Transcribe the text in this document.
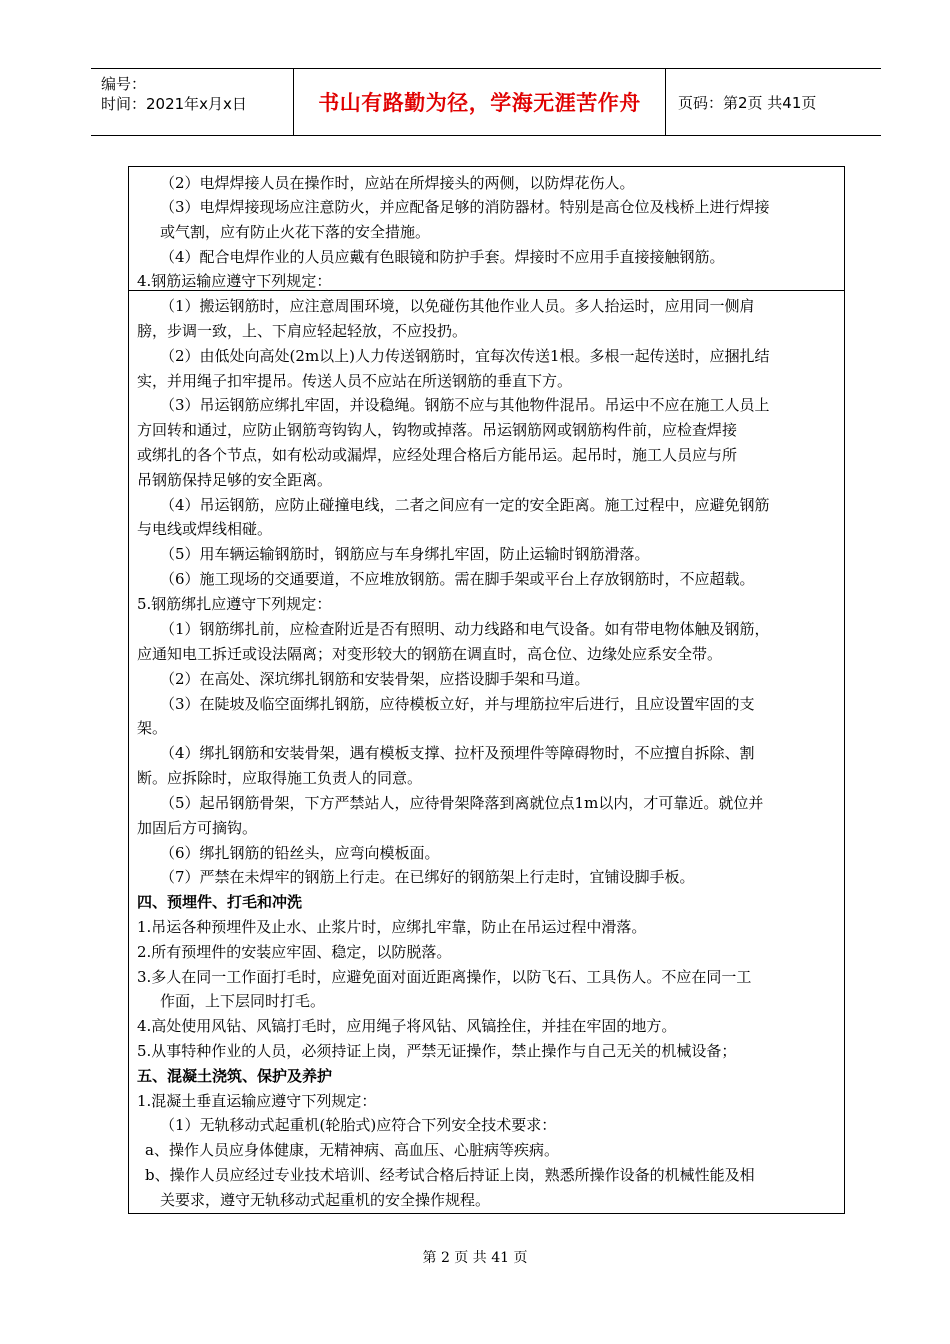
编号：
时间：2021年x月x日	书山有路勤为径，学海无涯苦作舟 页码：第2页 共41页
（2）电焊焊接人员在操作时，应站在所焊接头的两侧，以防焊花伤人。
（3）电焊焊接现场应注意防火，并应配备足够的消防器材。特别是高仓位及栈桥上进行焊接
或气割，应有防止火花下落的安全措施。
（4）配合电焊作业的人员应戴有色眼镜和防护手套。焊接时不应用手直接接触钢筋。
4.钢筋运输应遵守下列规定：
（1）搬运钢筋时，应注意周围环境，以免碰伤其他作业人员。多人抬运时，应用同一侧肩
膀，步调一致，上、下肩应轻起轻放，不应投扔。
（2）由低处向高处(2m以上)人力传送钢筋时，宜每次传送1根。多根一起传送时，应捆扎结
实，并用绳子扣牢提吊。传送人员不应站在所送钢筋的垂直下方。
（3）吊运钢筋应绑扎牢固，并设稳绳。钢筋不应与其他物件混吊。吊运中不应在施工人员上
方回转和通过，应防止钢筋弯钩钩人，钩物或掉落。吊运钢筋网或钢筋构件前，应检查焊接
或绑扎的各个节点，如有松动或漏焊，应经处理合格后方能吊运。起吊时，施工人员应与所
吊钢筋保持足够的安全距离。
（4）吊运钢筋，应防止碰撞电线，二者之间应有一定的安全距离。施工过程中，应避免钢筋
与电线或焊线相碰。
（5）用车辆运输钢筋时，钢筋应与车身绑扎牢固，防止运输时钢筋滑落。
（6）施工现场的交通要道，不应堆放钢筋。需在脚手架或平台上存放钢筋时，不应超载。
5.钢筋绑扎应遵守下列规定：
（1）钢筋绑扎前，应检查附近是否有照明、动力线路和电气设备。如有带电物体触及钢筋，
应通知电工拆迁或设法隔离；对变形较大的钢筋在调直时，高仓位、边缘处应系安全带。
（2）在高处、深坑绑扎钢筋和安装骨架，应搭设脚手架和马道。
（3）在陡坡及临空面绑扎钢筋，应待模板立好，并与埋筋拉牢后进行，且应设置牢固的支
架。
（4）绑扎钢筋和安装骨架，遇有模板支撑、拉杆及预埋件等障碍物时，不应擅自拆除、割
断。应拆除时，应取得施工负责人的同意。
（5）起吊钢筋骨架，下方严禁站人，应待骨架降落到离就位点1m以内，才可靠近。就位并
加固后方可摘钩。
（6）绑扎钢筋的铅丝头，应弯向模板面。
（7）严禁在未焊牢的钢筋上行走。在已绑好的钢筋架上行走时，宜铺设脚手板。
四、预埋件、打毛和冲洗
1.吊运各种预埋件及止水、止浆片时，应绑扎牢靠，防止在吊运过程中滑落。
2.所有预埋件的安装应牢固、稳定，以防脱落。
3.多人在同一工作面打毛时，应避免面对面近距离操作，以防飞石、工具伤人。不应在同一工
作面，上下层同时打毛。
4.高处使用风钻、风镐打毛时，应用绳子将风钻、风镐拴住，并挂在牢固的地方。
5.从事特种作业的人员，必须持证上岗，严禁无证操作，禁止操作与自己无关的机械设备；
五、混凝土浇筑、保护及养护
1.混凝土垂直运输应遵守下列规定：
（1）无轨移动式起重机(轮胎式)应符合下列安全技术要求：
a、操作人员应身体健康，无精神病、高血压、心脏病等疾病。
b、操作人员应经过专业技术培训、经考试合格后持证上岗，熟悉所操作设备的机械性能及相
关要求，遵守无轨移动式起重机的安全操作规程。
第 2 页 共 41 页
